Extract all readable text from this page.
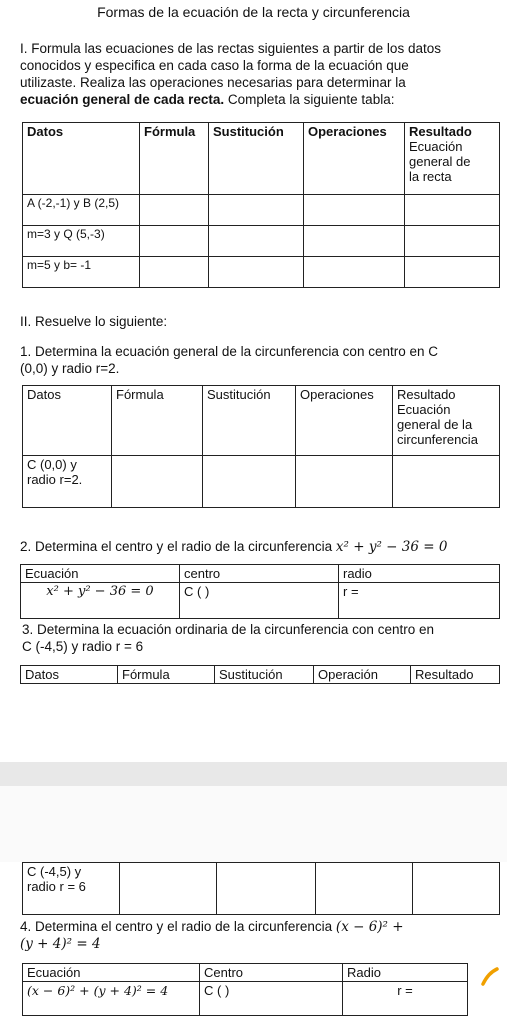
Formas de la ecuación de la recta y circunferencia
I. Formula las ecuaciones de las rectas siguientes a partir de los datos
conocidos y especifica en cada caso la forma de la ecuación que
utilizaste. Realiza las operaciones necesarias para determinar la
ecuación general de cada recta. Completa la siguiente tabla:
Datos	Fórmula	Sustitución	Operaciones	Resultado
Ecuación
general de
la recta

A (-2,-1) y B (2,5)				
m=3 y Q (5,-3)				
m=5 y b= -1				
II. Resuelve lo siguiente:
1. Determina la ecuación general de la circunferencia con centro en C
(0,0) y radio r=2.
Datos	Fórmula	Sustitución	Operaciones	Resultado
Ecuación
general de la
circunferencia

C (0,0) y
radio r=2.				

2. Determina el centro y el radio de la circunferencia x² + y² − 36 = 0
Ecuación	centro	radio
x² + y² − 36 = 0	C ( )	r =
3. Determina la ecuación ordinaria de la circunferencia con centro en
C (-4,5) y radio r = 6
Datos	Fórmula	Sustitución	Operación	Resultado
C (-4,5) y
radio r = 6

4. Determina el centro y el radio de la circunferencia (x − 6)² +
(y + 4)² = 4
Ecuación	Centro	Radio
(x − 6)² + (y + 4)² = 4	C ( )	r =
